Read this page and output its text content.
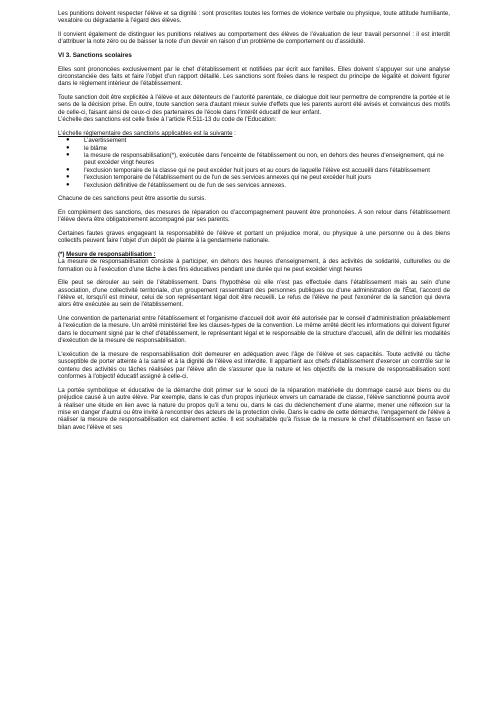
Les punitions doivent respecter l’élève et sa dignité : sont proscrites toutes les formes de violence verbale ou physique, toute attitude humiliante, vexatoire ou dégradante à l’égard des élèves.

Il convient également de distinguer les punitions relatives au comportement des élèves de l’évaluation de leur travail personnel : il est interdit d’attribuer la note zéro ou de baisser la note d’un devoir en raison d’un problème de comportement ou d’assiduité.

VI 3. Sanctions scolaires

Elles sont prononcées exclusivement par le chef d’établissement et notifiées par écrit aux familles. Elles doivent s’appuyer sur une analyse circonstanciée des faits et faire l’objet d’un rapport détaillé. Les sanctions sont fixées dans le respect du principe de légalité et doivent figurer dans le règlement intérieur de l’établissement.

Toute sanction doit être explicitée à l’élève et aux détenteurs de l’autorité parentale, ce dialogue doit leur permettre de comprendre la portée et le sens de la décision prise. En outre, toute sanction sera d'autant mieux suivie d'effets que les parents auront été avisés et convaincus des motifs de celle-ci, faisant ainsi de ceux-ci des partenaires de l'école dans l'intérêt éducatif de leur enfant.

L’échelle des sanctions est celle fixée à l’article R.511-13 du code de l’Education:

L’échelle réglementaire des sanctions applicables est la suivante :

● L’avertissement
● le blâme
● la mesure de responsabilisation(*), exécutée dans l'enceinte de l'établissement ou non, en dehors des heures d'enseignement, qui ne peut excéder vingt heures
● l'exclusion temporaire de la classe qui ne peut excéder huit jours et au cours de laquelle l'élève est accueilli dans l'établissement
● l'exclusion temporaire de l'établissement ou de l'un de ses services annexes qui ne peut excéder huit jours
● l'exclusion définitive de l'établissement ou de l'un de ses services annexes.

Chacune de ces sanctions peut être assortie du sursis.

En complément des sanctions, des mesures de réparation ou d’accompagnement peuvent être prononcées. A son retour dans l’établissement l’élève devra être obligatoirement accompagné par ses parents.

Certaines fautes graves engageant la responsabilité de l’élève et portant un préjudice moral, ou physique à une personne ou à des biens collectifs peuvent faire l’objet d’un dépôt de plainte à la gendarmerie nationale.

(*) Mesure de responsabilisation :

La mesure de responsabilisation consiste à participer, en dehors des heures d'enseignement, à des activités de solidarité, culturelles ou de formation ou à l’exécution d’une tâche à des fins éducatives pendant une durée qui ne peut excéder vingt heures

Elle peut se dérouler au sein de l’établissement. Dans l'hypothèse où elle n'est pas effectuée dans l'établissement mais au sein d'une association, d'une collectivité territoriale, d'un groupement rassemblant des personnes publiques ou d'une administration de l'État, l'accord de l'élève et, lorsqu'il est mineur, celui de son représentant légal doit être recueilli. Le refus de l'élève ne peut l'exonérer de la sanction qui devra alors être exécutée au sein de l'établissement.

Une convention de partenariat entre l'établissement et l'organisme d'accueil doit avoir été autorisée par le conseil d'administration préalablement à l'exécution de la mesure. Un arrêté ministériel fixe les clauses-types de la convention. Le même arrêté décrit les informations qui doivent figurer dans le document signé par le chef d'établissement, le représentant légal et le responsable de la structure d'accueil, afin de définir les modalités d'exécution de la mesure de responsabilisation.

L'exécution de la mesure de responsabilisation doit demeurer en adéquation avec l’âge de l’élève et ses capacités. Toute activité ou tâche susceptible de porter atteinte à la santé et à la dignité de l'élève est interdite. Il appartient aux chefs d'établissement d'exercer un contrôle sur le contenu des activités ou tâches réalisées par l'élève afin de s'assurer que la nature et les objectifs de la mesure de responsabilisation sont conformes à l'objectif éducatif assigné à celle-ci.

La portée symbolique et éducative de la démarche doit primer sur le souci de la réparation matérielle du dommage causé aux biens ou du préjudice causé à un autre élève. Par exemple, dans le cas d'un propos injurieux envers un camarade de classe, l'élève sanctionné pourra avoir à réaliser une étude en lien avec la nature du propos qu'il a tenu ou, dans le cas du déclenchement d'une alarme, mener une réflexion sur la mise en danger d'autrui ou être invité à rencontrer des acteurs de la protection civile. Dans le cadre de cette démarche, l'engagement de l'élève à réaliser la mesure de responsabilisation est clairement actée. Il est souhaitable qu'à l'issue de la mesure le chef d'établissement en fasse un bilan avec l'élève et ses
